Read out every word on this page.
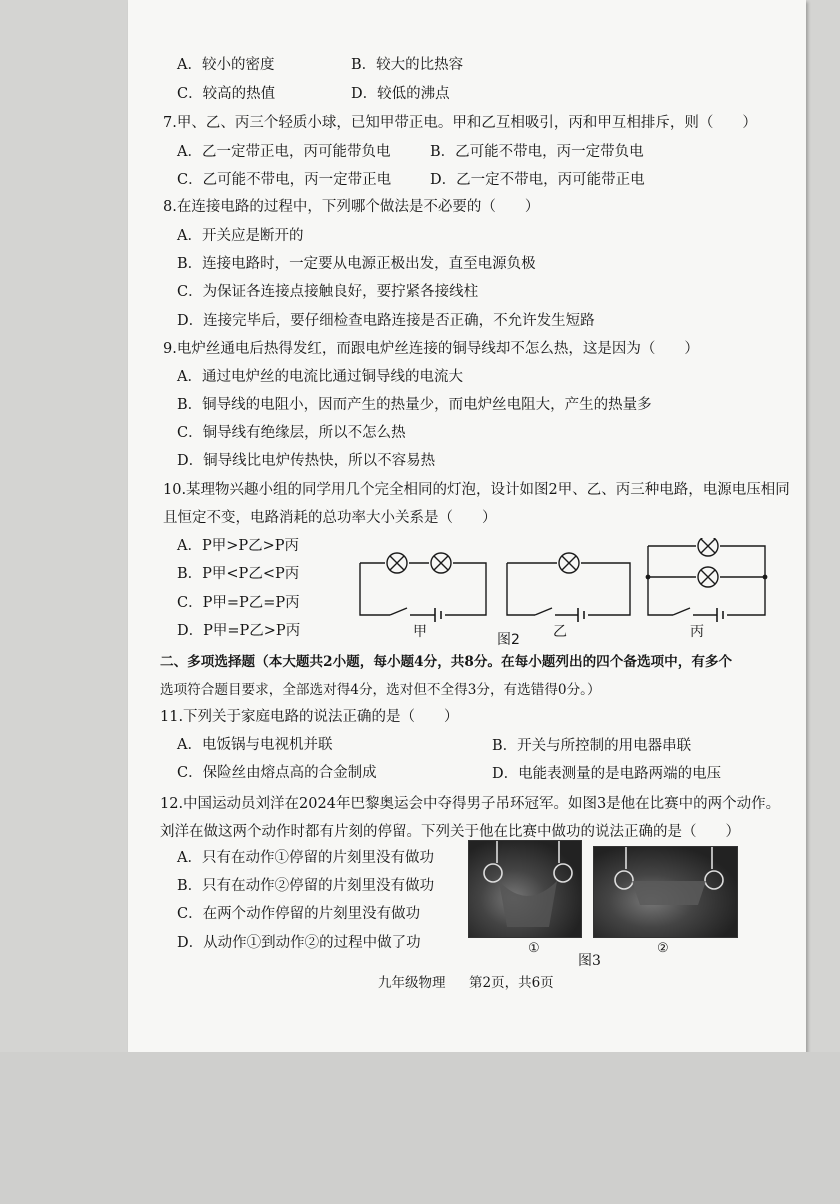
A．较小的密度	B．较大的比热容
C．较高的热值	D．较低的沸点
7.甲、乙、丙三个轻质小球，已知甲带正电。甲和乙互相吸引，丙和甲互相排斥，则（　　）
A．乙一定带正电，丙可能带负电	B．乙可能不带电，丙一定带负电
C．乙可能不带电，丙一定带正电	D．乙一定不带电，丙可能带正电
8.在连接电路的过程中，下列哪个做法是不必要的（　　）
A．开关应是断开的
B．连接电路时，一定要从电源正极出发，直至电源负极
C．为保证各连接点接触良好，要拧紧各接线柱
D．连接完毕后，要仔细检查电路连接是否正确，不允许发生短路
9.电炉丝通电后热得发红，而跟电炉丝连接的铜导线却不怎么热，这是因为（　　）
A．通过电炉丝的电流比通过铜导线的电流大
B．铜导线的电阻小，因而产生的热量少，而电炉丝电阻大，产生的热量多
C．铜导线有绝缘层，所以不怎么热
D．铜导线比电炉传热快，所以不容易热
10.某理物兴趣小组的同学用几个完全相同的灯泡，设计如图2甲、乙、丙三种电路，电源电压相同
且恒定不变，电路消耗的总功率大小关系是（　　）
A．P甲>P乙>P丙
B．P甲<P乙<P丙
C．P甲=P乙=P丙
D．P甲=P乙>P丙	甲	图2 乙	丙
二、多项选择题（本大题共2小题，每小题4分，共8分。在每小题列出的四个备选项中，有多个
选项符合题目要求，全部选对得4分，选对但不全得3分，有选错得0分。）
11.下列关于家庭电路的说法正确的是（　　）
A．电饭锅与电视机并联	B．开关与所控制的用电器串联
C．保险丝由熔点高的合金制成	D．电能表测量的是电路两端的电压
12.中国运动员刘洋在2024年巴黎奥运会中夺得男子吊环冠军。如图3是他在比赛中的两个动作。
刘洋在做这两个动作时都有片刻的停留。下列关于他在比赛中做功的说法正确的是（　　）
A．只有在动作①停留的片刻里没有做功
B．只有在动作②停留的片刻里没有做功
C．在两个动作停留的片刻里没有做功
D．从动作①到动作②的过程中做了功	①	②
图3
九年级物理 第2页，共6页
